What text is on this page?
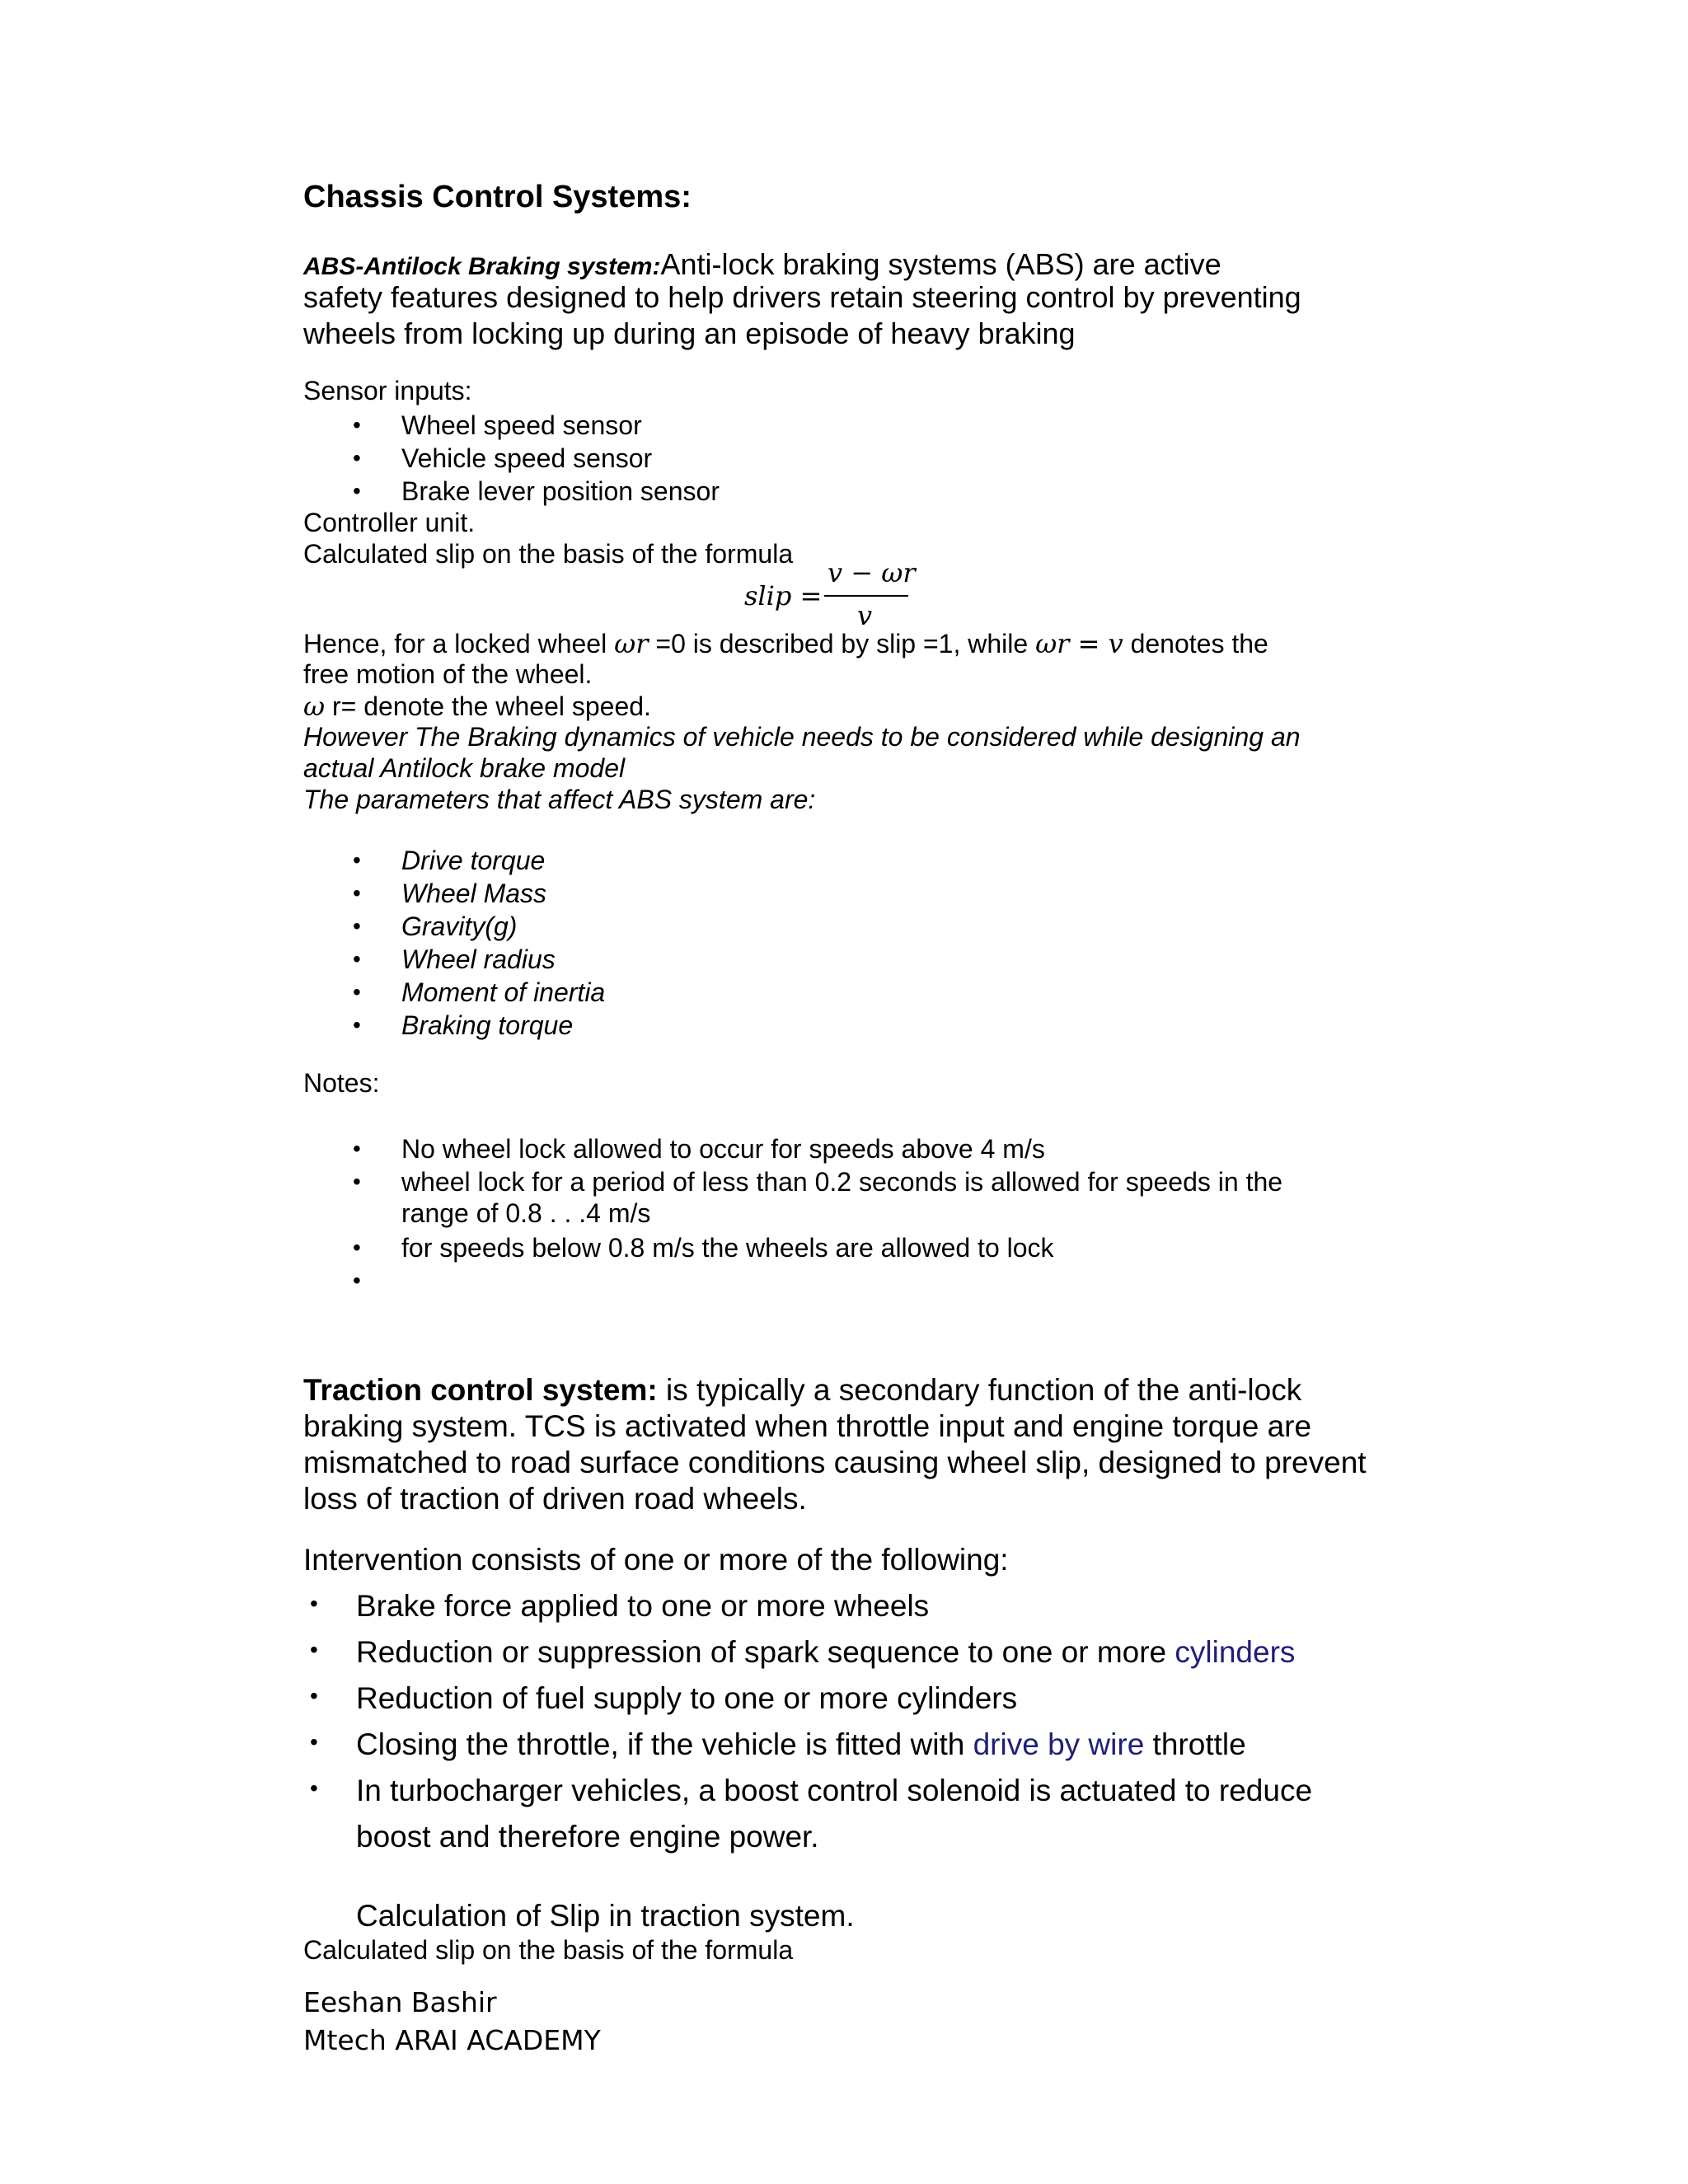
Chassis Control Systems:
ABS-Antilock Braking system:Anti-lock braking systems (ABS) are active
safety features designed to help drivers retain steering control by preventing
wheels from locking up during an episode of heavy braking
Sensor inputs:
• Wheel speed sensor
• Vehicle speed sensor
• Brake lever position sensor
Controller unit.
Calculated slip on the basis of the formula
slip =
v − ωr
v
Hence, for a locked wheel ωr =0 is described by slip =1, while ωr = v denotes the
free motion of the wheel.
ω r= denote the wheel speed.
However The Braking dynamics of vehicle needs to be considered while designing an
actual Antilock brake model
The parameters that affect ABS system are:
• Drive torque
• Wheel Mass
• Gravity(g)
• Wheel radius
• Moment of inertia
• Braking torque
Notes:
• No wheel lock allowed to occur for speeds above 4 m/s
• wheel lock for a period of less than 0.2 seconds is allowed for speeds in the
range of 0.8 . . .4 m/s
• for speeds below 0.8 m/s the wheels are allowed to lock
•
Traction control system: is typically a secondary function of the anti-lock
braking system. TCS is activated when throttle input and engine torque are
mismatched to road surface conditions causing wheel slip, designed to prevent
loss of traction of driven road wheels.
Intervention consists of one or more of the following:
• Brake force applied to one or more wheels
• Reduction or suppression of spark sequence to one or more cylinders
• Reduction of fuel supply to one or more cylinders
• Closing the throttle, if the vehicle is fitted with drive by wire throttle
• In turbocharger vehicles, a boost control solenoid is actuated to reduce
boost and therefore engine power.
Calculation of Slip in traction system.
Calculated slip on the basis of the formula
Eeshan Bashir
Mtech ARAI ACADEMY
